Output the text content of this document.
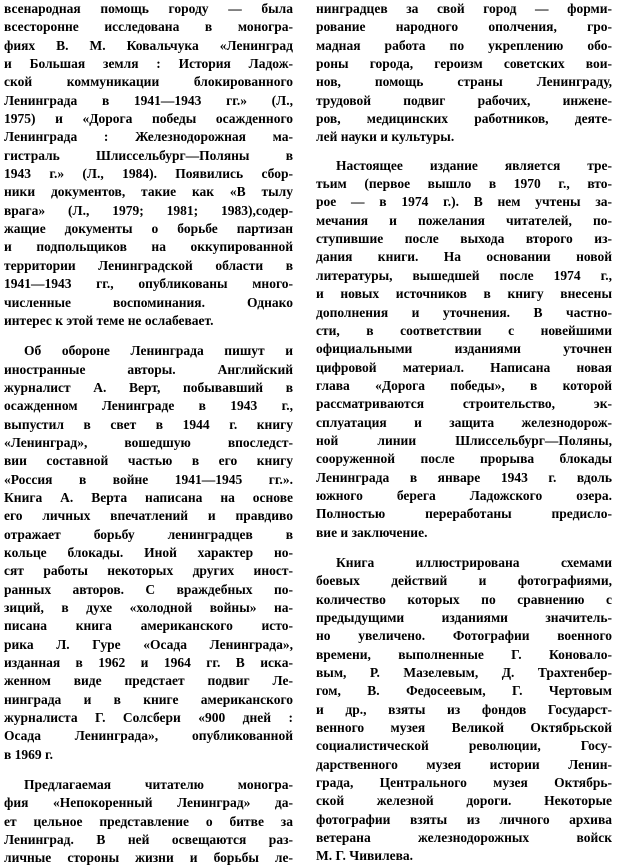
всенародная помощь городу — была

всесторонне исследована в моногра-

фиях В. М. Ковальчука «Ленинград

и Большая земля : История Ладож-

ской коммуникации блокированного

Ленинграда в 1941—1943 гг.» (Л.,

1975) и «Дорога победы осажденного

Ленинграда : Железнодорожная ма-

гистраль Шлиссельбург—Поляны в

1943 г.» (Л., 1984). Появились сбор-

ники документов, такие как «В тылу

врага» (Л., 1979; 1981; 1983),содер-

жащие документы о борьбе партизан

и подпольщиков на оккупированной

территории Ленинградской области в

1941—1943 гг., опубликованы много-

численные воспоминания. Однако

интерес к этой теме не ослабевает.

Об обороне Ленинграда пишут и

иностранные авторы. Английский

журналист А. Верт, побывавший в

осажденном Ленинграде в 1943 г.,

выпустил в свет в 1944 г. книгу

«Ленинград», вошедшую впоследст-

вии составной частью в его книгу

«Россия в войне 1941—1945 гг.».

Книга А. Верта написана на основе

его личных впечатлений и правдиво

отражает борьбу ленинградцев в

кольце блокады. Иной характер но-

сят работы некоторых других иност-

ранных авторов. С враждебных по-

зиций, в духе «холодной войны» на-

писана книга американского исто-

рика Л. Гуре «Осада Ленинграда»,

изданная в 1962 и 1964 гг. В искa-

женном виде предстает подвиг Ле-

нинграда и в книге американского

журналиста Г. Солсбери «900 дней :

Осада Ленинграда», опубликованной

в 1969 г.

Предлагаемая читателю моногра-

фия «Непокоренный Ленинград» да-

ет цельное представление о битве за

Ленинград. В ней освещаются раз-

личные стороны жизни и борьбы ле-

нинградцев за свой город — форми-

рование народного ополчения, гро-

мадная работа по укреплению обо-

роны города, героизм советских вои-

нов, помощь страны Ленинграду,

трудовой подвиг рабочих, инжене-

ров, медицинских работников, деяте-

лей науки и культуры.

Настоящее издание является тре-

тьим (первое вышло в 1970 г., вто-

рое — в 1974 г.). В нем учтены за-

мечания и пожелания читателей, по-

ступившие после выхода второго из-

дания книги. На основании новой

литературы, вышедшей после 1974 г.,

и новых источников в книгу внесены

дополнения и уточнения. В частно-

сти, в соответствии с новейшими

официальными изданиями уточнен

цифровой материал. Написана новая

глава «Дорога победы», в которой

рассматриваются строительство, эк-

сплуатация и защита железнодорож-

ной линии Шлиссельбург—Поляны,

сооруженной после прорыва блокады

Ленинграда в январе 1943 г. вдоль

южного берега Ладожского озера.

Полностью переработаны предисло-

вие и заключение.

Книга иллюстрирована схемами

боевых действий и фотографиями,

количество которых по сравнению с

предыдущими изданиями значитель-

но увеличено. Фотографии военного

времени, выполненные Г. Коновало-

вым, Р. Мазелевым, Д. Трахтенбер-

гом, В. Федосеевым, Г. Чертовым

и др., взяты из фондов Государст-

венного музея Великой Октябрьской

социалистической революции, Госу-

дарственного музея истории Ленин-

града, Центрального музея Октябрь-

ской железной дороги. Некоторые

фотографии взяты из личного архива

ветерана железнодорожных войск

М. Г. Чивилева.
